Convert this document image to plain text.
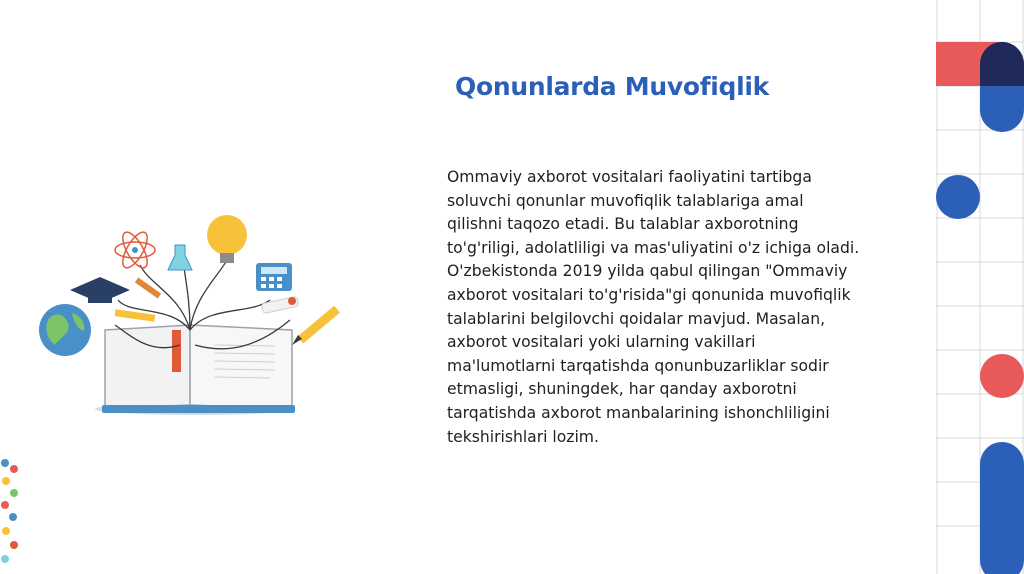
Qonunlarda Muvofiqlik
Ommaviy axborot vositalari faoliyatini tartibga
soluvchi qonunlar muvofiqlik talablariga amal
qilishni taqozo etadi. Bu talablar axborotning
to'g'riligi, adolatliligi va mas'uliyatini o'z ichiga oladi.
O'zbekistonda 2019 yilda qabul qilingan "Ommaviy
axborot vositalari to'g'risida"gi qonunida muvofiqlik
talablarini belgilovchi qoidalar mavjud. Masalan,
axborot vositalari yoki ularning vakillari
ma'lumotlarni tarqatishda qonunbuzarliklar sodir
etmasligi, shuningdek, har qanday axborotni
tarqatishda axborot manbalarining ishonchliligini
tekshirishlari lozim.
